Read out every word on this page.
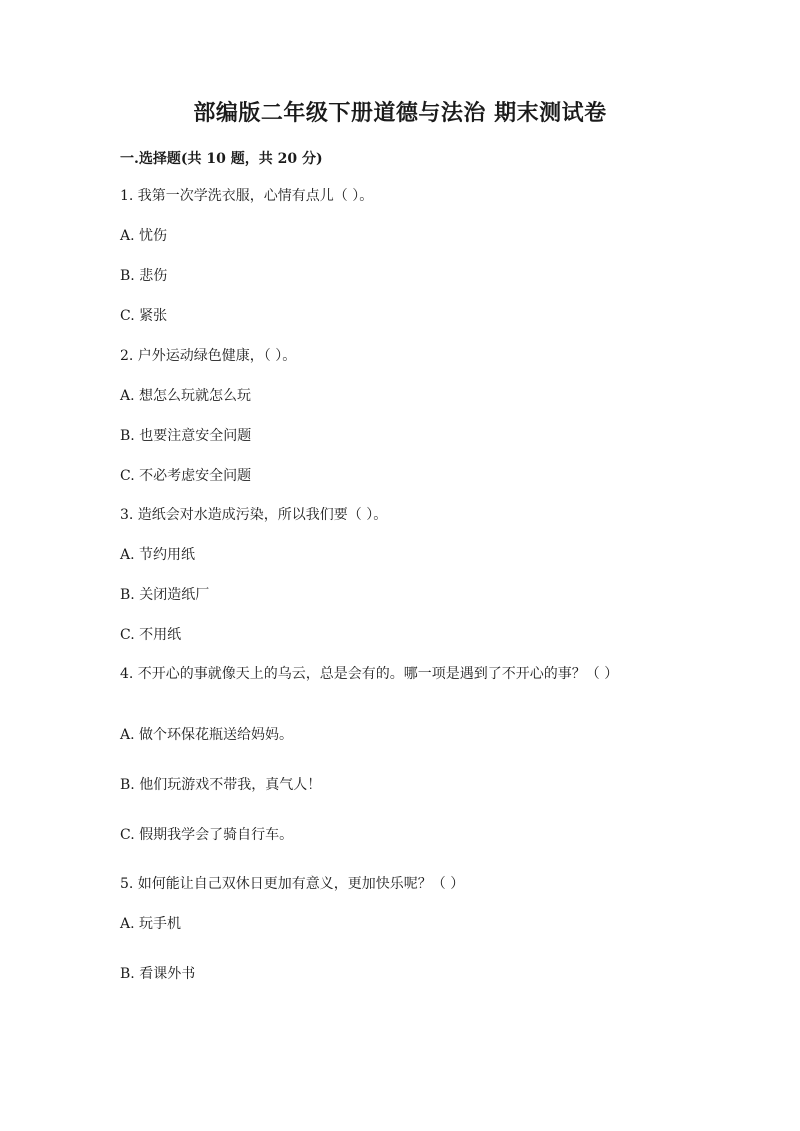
部编版二年级下册道德与法治 期末测试卷
一.选择题(共 10 题，共 20 分)
1. 我第一次学洗衣服，心情有点儿（ ）。
A. 忧伤
B. 悲伤
C. 紧张
2. 户外运动绿色健康，（ ）。
A. 想怎么玩就怎么玩
B. 也要注意安全问题
C. 不必考虑安全问题
3. 造纸会对水造成污染，所以我们要（ ）。
A. 节约用纸
B. 关闭造纸厂
C. 不用纸
4. 不开心的事就像天上的乌云，总是会有的。哪一项是遇到了不开心的事？（ ）
A. 做个环保花瓶送给妈妈。
B. 他们玩游戏不带我，真气人！
C. 假期我学会了骑自行车。
5. 如何能让自己双休日更加有意义，更加快乐呢？（ ）
A. 玩手机
B. 看课外书
